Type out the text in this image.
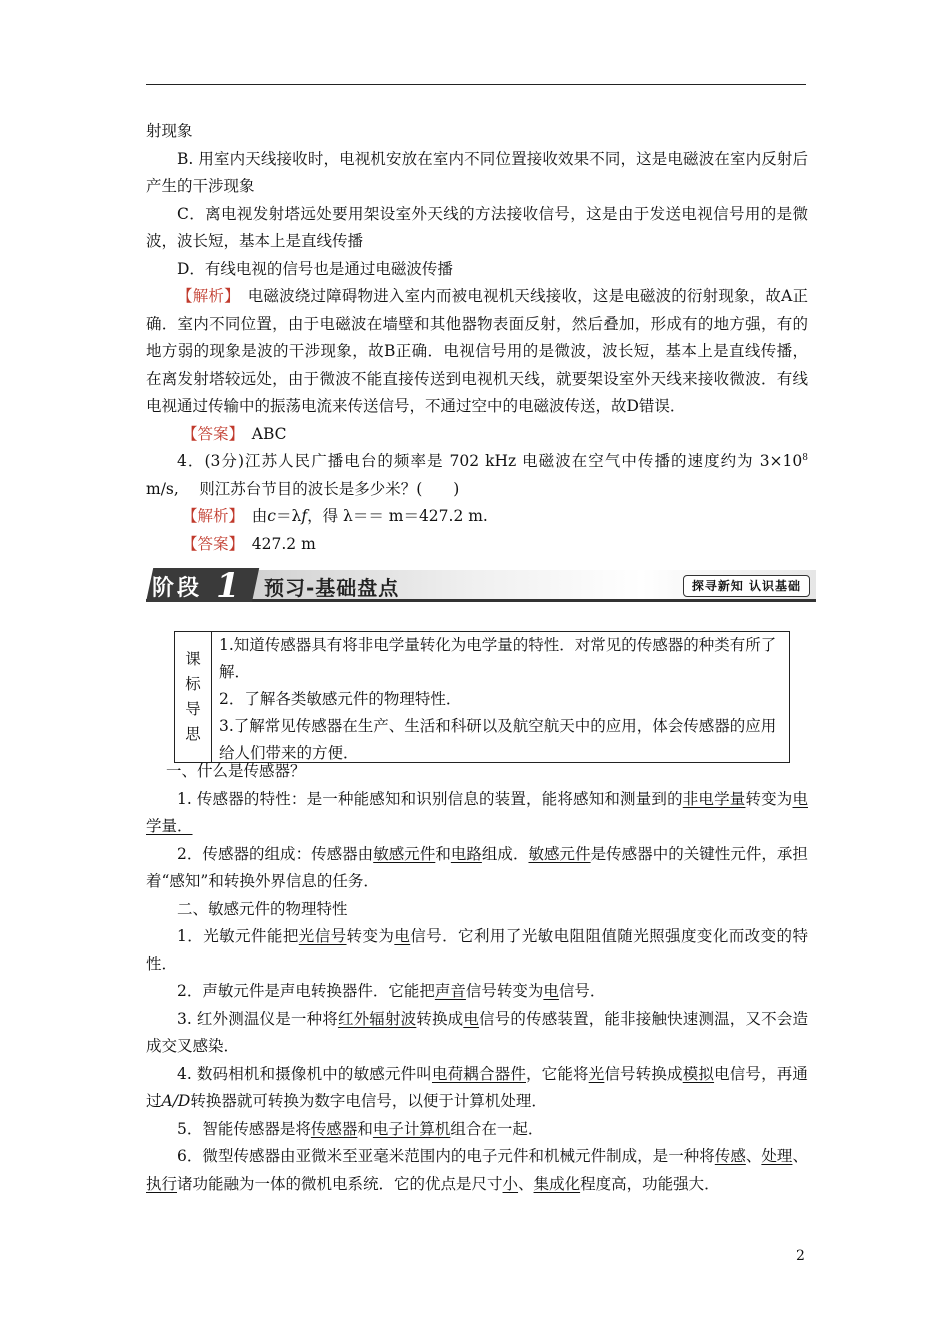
射现象

B. 用室内天线接收时，电视机安放在室内不同位置接收效果不同，这是电磁波在室内反射后产生的干涉现象

C．离电视发射塔远处要用架设室外天线的方法接收信号，这是由于发送电视信号用的是微波，波长短，基本上是直线传播

D．有线电视的信号也是通过电磁波传播

【解析】　 电磁波绕过障碍物进入室内而被电视机天线接收，这是电磁波的衍射现象，故A正确．室内不同位置，由于电磁波在墙壁和其他器物表面反射，然后叠加，形成有的地方强，有的地方弱的现象是波的干涉现象，故B正确．电视信号用的是微波，波长短，基本上是直线传播，在离发射塔较远处，由于微波不能直接传送到电视机天线，就要架设室外天线来接收微波．有线电视通过传输中的振荡电流来传送信号，不通过空中的电磁波传送，故D错误．

【答案】　 ABC

4．(3分)江苏人民广播电台的频率是 702 kHz 电磁波在空气中传播的速度约为 $3\times 10^8$ m/s,　 则江苏台节目的波长是多少米？(　　)

【解析】　 由c＝λf，得 λ＝＝ m＝427.2 m.

【答案】　 427.2 m

阶段 1 预习-基础盘点	探寻新知 认识基础
课
标
导
思
1.知道传感器具有将非电学量转化为电学量的特性．对常见的传感器的种类有所了解．
2．了解各类敏感元件的物理特性．
3.了解常见传感器在生产、生活和科研以及航空航天中的应用，体会传感器的应用给人们带来的方便．

一、什么是传感器？

1. 传感器的特性：是一种能感知和识别信息的装置，能将感知和测量到的非电学量转变为电学量．

2．传感器的组成：传感器由敏感元件和电路组成．敏感元件是传感器中的关键性元件，承担着“感知”和转换外界信息的任务．

二、敏感元件的物理特性

1．光敏元件能把光信号转变为电信号．它利用了光敏电阻阻值随光照强度变化而改变的特性．

2．声敏元件是声电转换器件．它能把声音信号转变为电信号．

3. 红外测温仪是一种将红外辐射波转换成电信号的传感装置，能非接触快速测温，又不会造成交叉感染．

4. 数码相机和摄像机中的敏感元件叫电荷耦合器件，它能将光信号转换成模拟电信号，再通过A/D转换器就可转换为数字电信号，以便于计算机处理．

5．智能传感器是将传感器和电子计算机组合在一起．

6．微型传感器由亚微米至亚毫米范围内的电子元件和机械元件制成，是一种将传感、处理、执行诸功能融为一体的微机电系统．它的优点是尺寸小、集成化程度高，功能强大．

2
